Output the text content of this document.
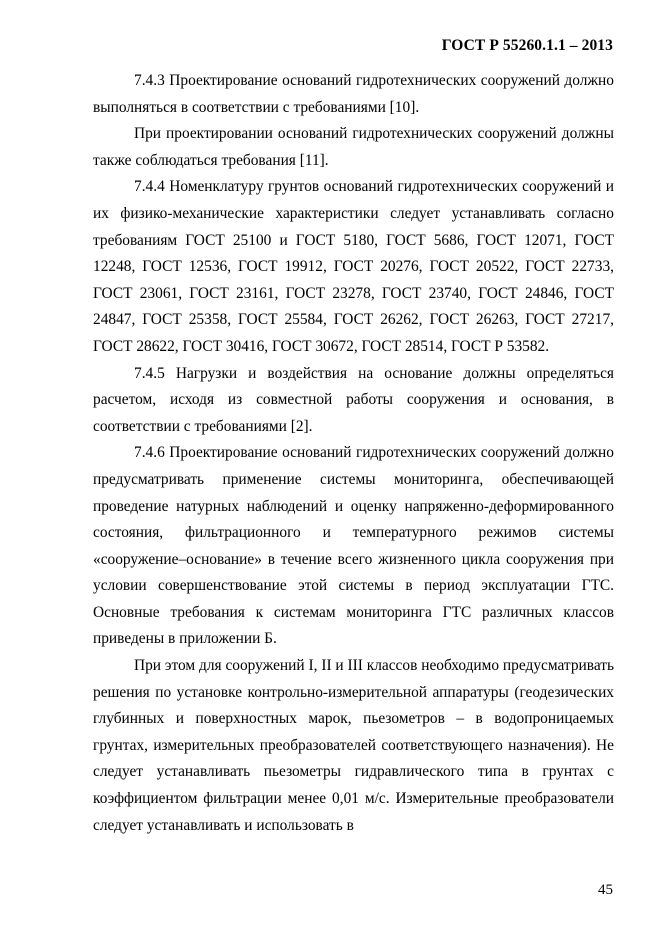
ГОСТ Р 55260.1.1 – 2013

7.4.3 Проектирование оснований гидротехнических сооружений должно выполняться в соответствии с требованиями [10].

При проектировании оснований гидротехнических сооружений должны также соблюдаться требования [11].

7.4.4 Номенклатуру грунтов оснований гидротехнических сооружений и их физико-механические характеристики следует устанавливать согласно требованиям ГОСТ 25100 и ГОСТ 5180, ГОСТ 5686, ГОСТ 12071, ГОСТ 12248, ГОСТ 12536, ГОСТ 19912, ГОСТ 20276, ГОСТ 20522, ГОСТ 22733, ГОСТ 23061, ГОСТ 23161, ГОСТ 23278, ГОСТ 23740, ГОСТ 24846, ГОСТ 24847, ГОСТ 25358, ГОСТ 25584, ГОСТ 26262, ГОСТ 26263, ГОСТ 27217, ГОСТ 28622, ГОСТ 30416, ГОСТ 30672, ГОСТ 28514, ГОСТ Р 53582.

7.4.5 Нагрузки и воздействия на основание должны определяться расчетом, исходя из совместной работы сооружения и основания, в соответствии с требованиями [2].

7.4.6 Проектирование оснований гидротехнических сооружений должно предусматривать применение системы мониторинга, обеспечивающей проведение натурных наблюдений и оценку напряженно-деформированного состояния, фильтрационного и температурного режимов системы «сооружение–основание» в течение всего жизненного цикла сооружения при условии совершенствование этой системы в период эксплуатации ГТС. Основные требования к системам мониторинга ГТС различных классов приведены в приложении Б.

При этом для сооружений I, II и III классов необходимо предусматривать решения по установке контрольно-измерительной аппаратуры (геодезических глубинных и поверхностных марок, пьезометров – в водопроницаемых грунтах, измерительных преобразователей соответствующего назначения). Не следует устанавливать пьезометры гидравлического типа в грунтах с коэффициентом фильтрации менее 0,01 м/с. Измерительные преобразователи следует устанавливать и использовать в

45
